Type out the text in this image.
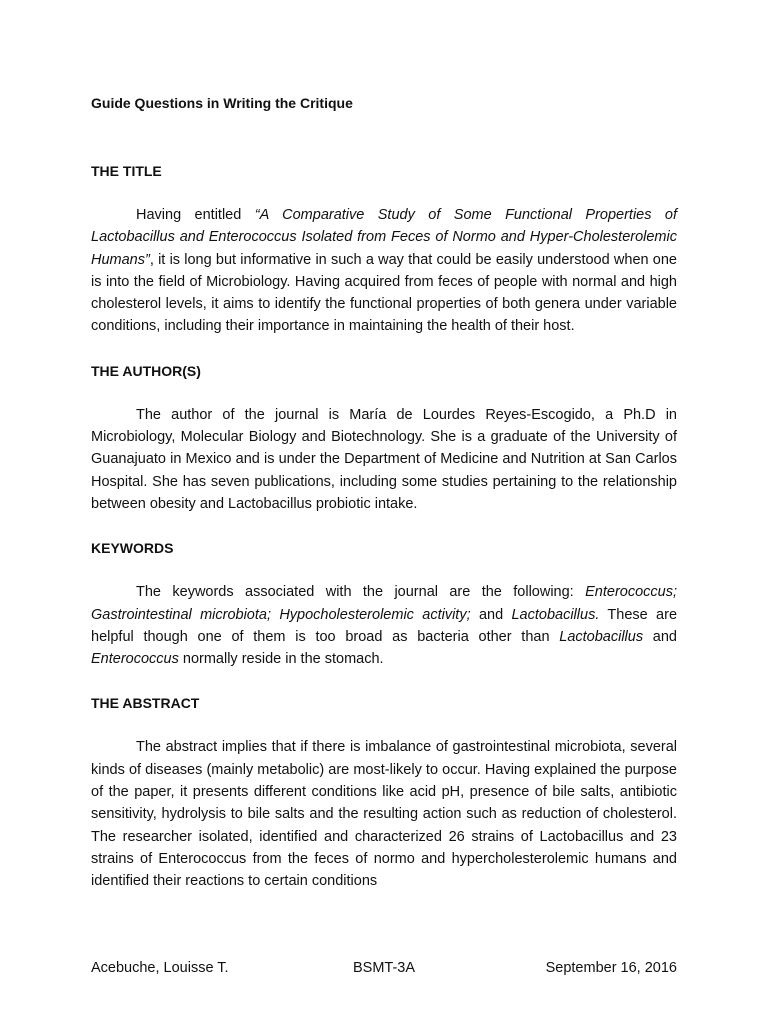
Guide Questions in Writing the Critique
THE TITLE

Having entitled “A Comparative Study of Some Functional Properties of Lactobacillus and Enterococcus Isolated from Feces of Normo and Hyper-Cholesterolemic Humans”, it is long but informative in such a way that could be easily understood when one is into the field of Microbiology. Having acquired from feces of people with normal and high cholesterol levels, it aims to identify the functional properties of both genera under variable conditions, including their importance in maintaining the health of their host.

THE AUTHOR(S)

The author of the journal is María de Lourdes Reyes-Escogido, a Ph.D in Microbiology, Molecular Biology and Biotechnology. She is a graduate of the University of Guanajuato in Mexico and is under the Department of Medicine and Nutrition at San Carlos Hospital. She has seven publications, including some studies pertaining to the relationship between obesity and Lactobacillus probiotic intake.

KEYWORDS

The keywords associated with the journal are the following: Enterococcus; Gastrointestinal microbiota; Hypocholesterolemic activity; and Lactobacillus. These are helpful though one of them is too broad as bacteria other than Lactobacillus and Enterococcus normally reside in the stomach.

THE ABSTRACT

The abstract implies that if there is imbalance of gastrointestinal microbiota, several kinds of diseases (mainly metabolic) are most-likely to occur. Having explained the purpose of the paper, it presents different conditions like acid pH, presence of bile salts, antibiotic sensitivity, hydrolysis to bile salts and the resulting action such as reduction of cholesterol. The researcher isolated, identified and characterized 26 strains of Lactobacillus and 23 strains of Enterococcus from the feces of normo and hypercholesterolemic humans and identified their reactions to certain conditions

Acebuche, Louisse T.	BSMT-3A	September 16, 2016
